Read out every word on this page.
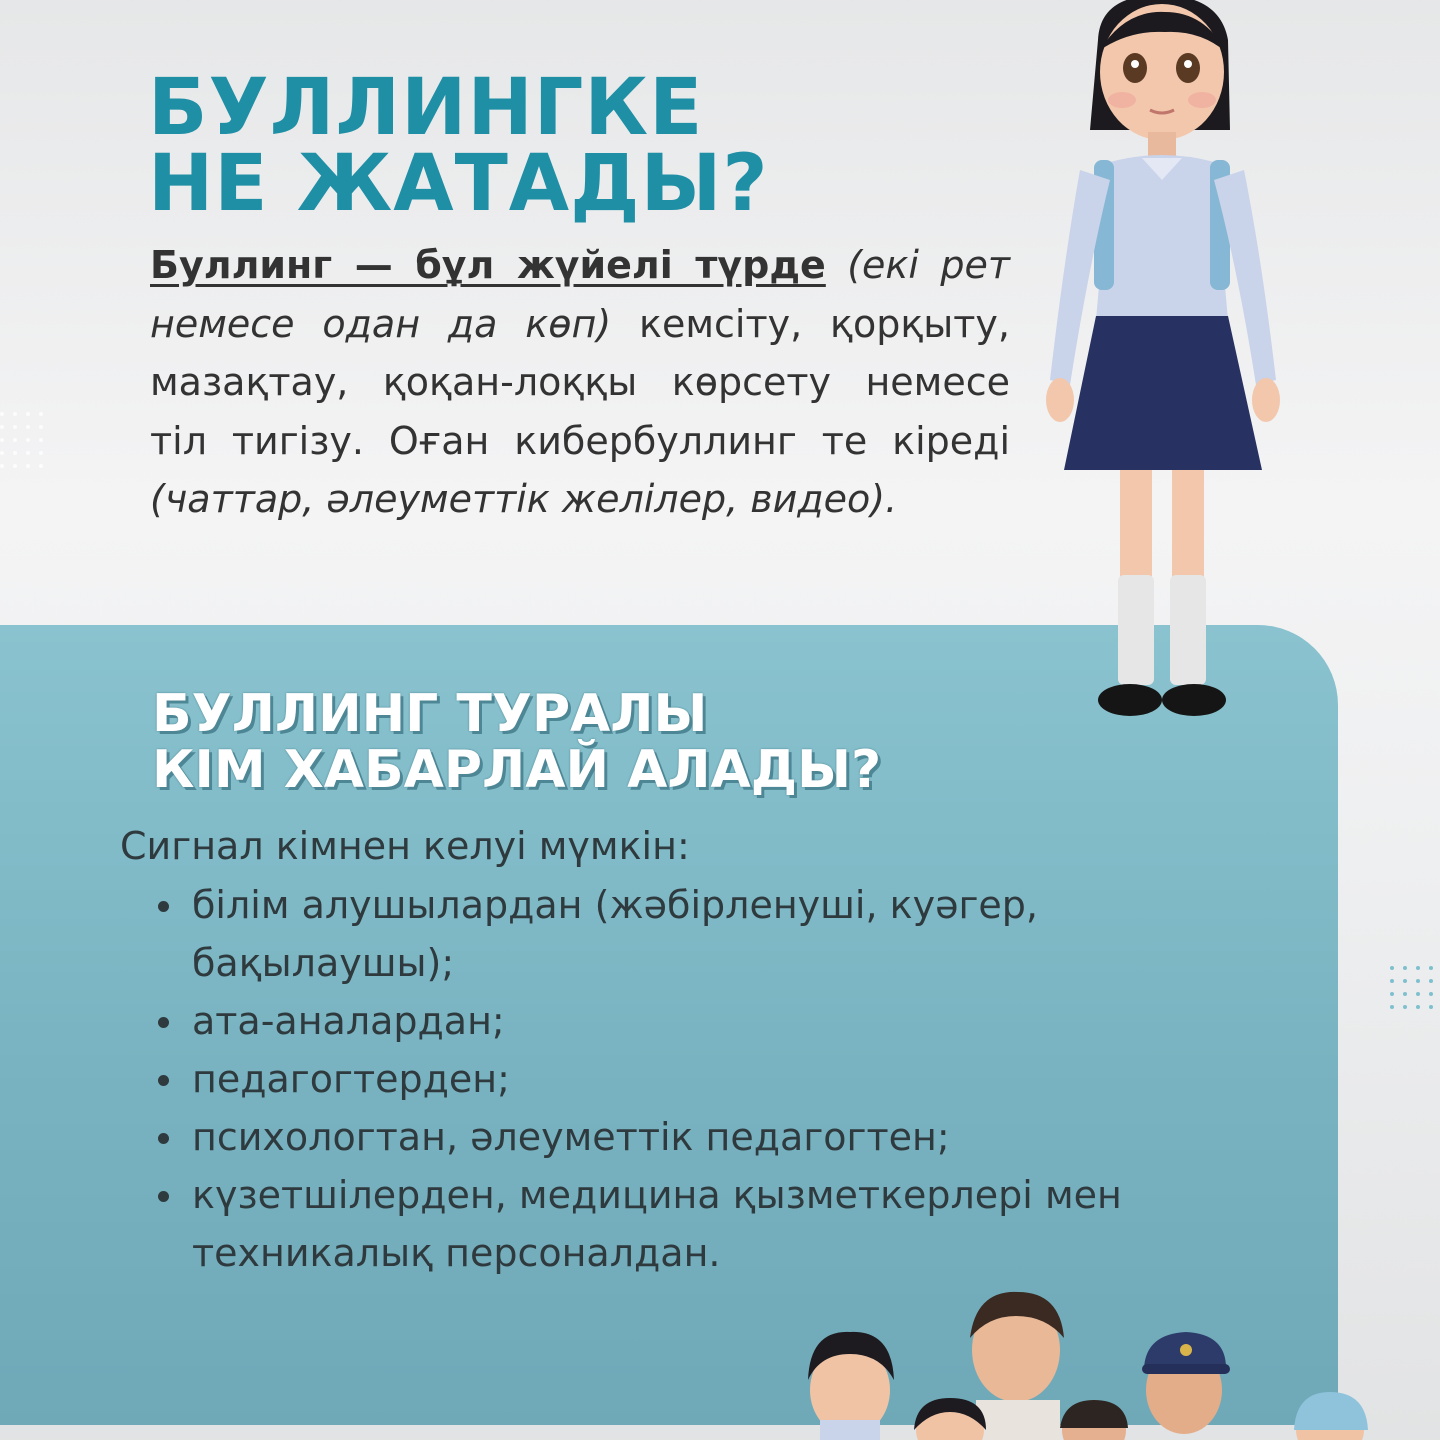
БУЛЛИНГКЕ
НЕ ЖАТАДЫ?

Буллинг — бұл жүйелі түрде (екі рет немесе одан да көп) кемсіту, қорқыту, мазақтау, қоқан-лоққы көрсету немесе тіл тигізу. Оған кибербуллинг те кіреді (чаттар, әлеуметтік желілер, видео).

БУЛЛИНГ ТУРАЛЫ
КІМ ХАБАРЛАЙ АЛАДЫ?

Сигнал кімнен келуі мүмкін:

білім алушылардан (жәбірленуші, куәгер, бақылаушы);
ата-аналардан;
педагогтерден;
психологтан, әлеуметтік педагогтен;
күзетшілерден, медицина қызметкерлері мен техникалық персоналдан.
